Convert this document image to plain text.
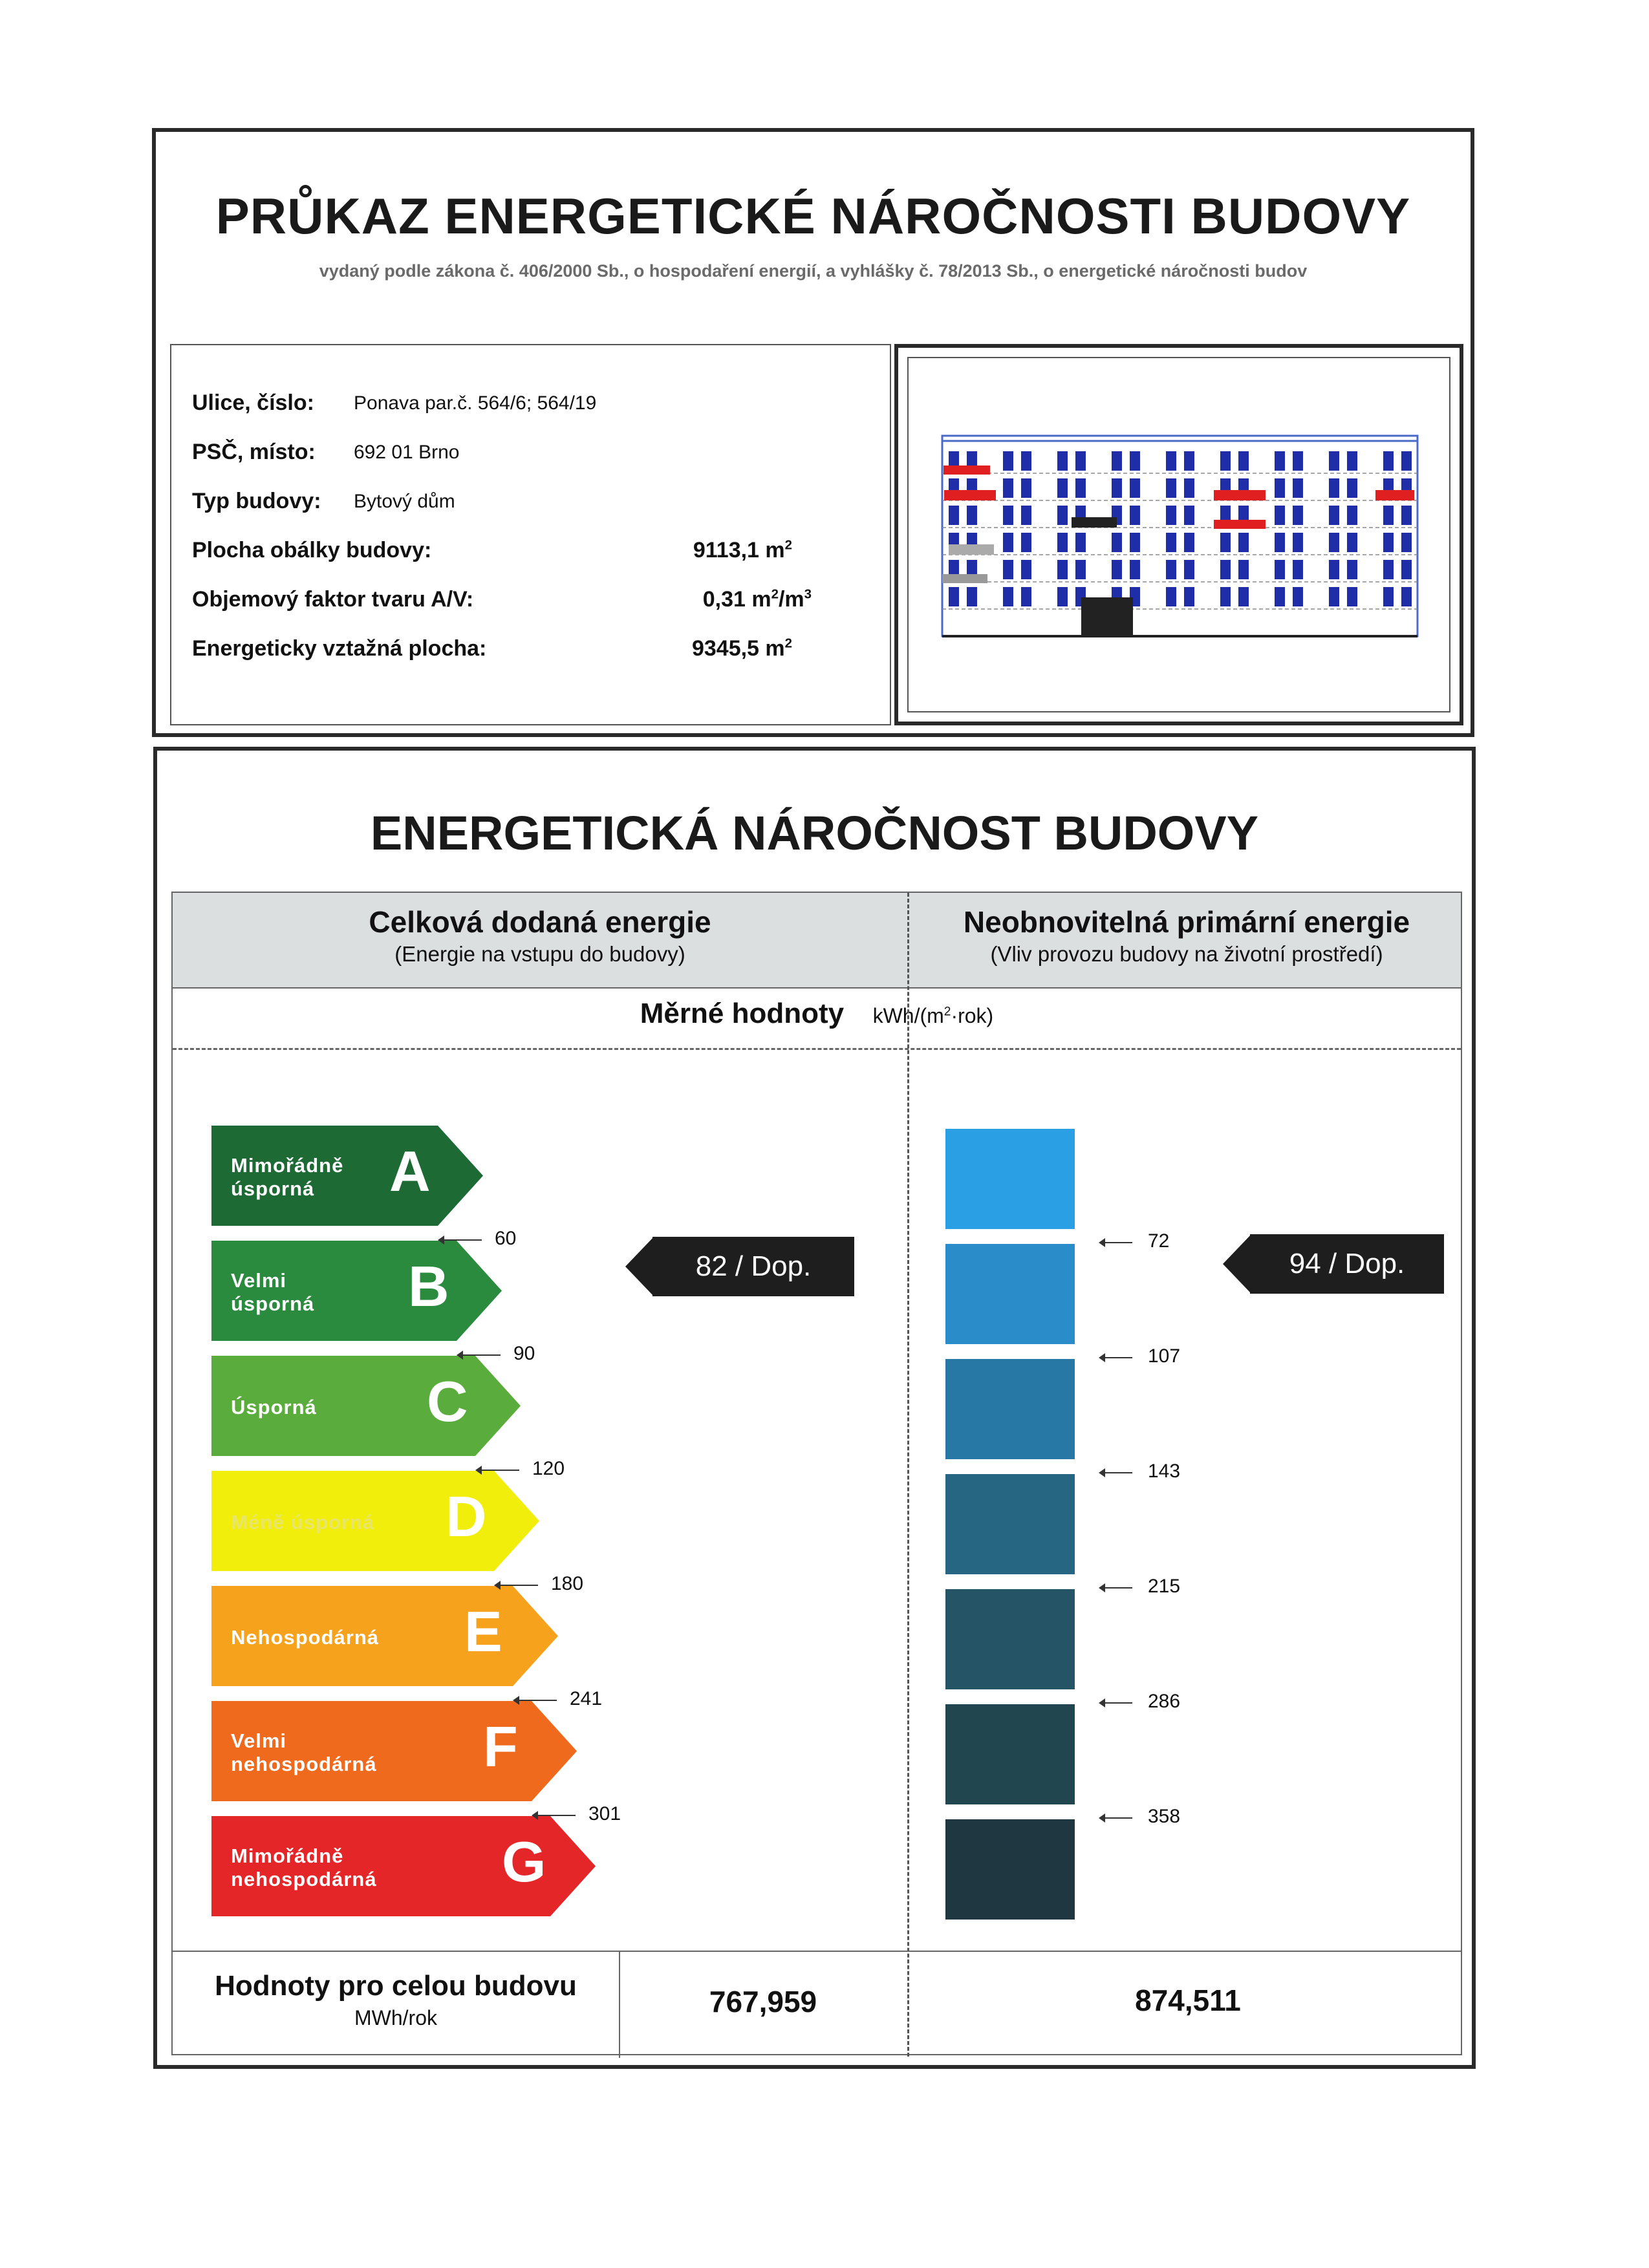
PRŮKAZ ENERGETICKÉ NÁROČNOSTI BUDOVY
vydaný podle zákona č. 406/2000 Sb., o hospodaření energií, a vyhlášky č. 78/2013 Sb., o energetické náročnosti budov
Ulice, číslo: Ponava par.č. 564/6; 564/19
PSČ, místo: 692 01 Brno
Typ budovy: Bytový dům
Plocha obálky budovy:	9113,1 $m^2$
Objemový faktor tvaru A/V:	0,31 $m^2/m^3$
Energeticky vztažná plocha:	9345,5 $m^2$
ENERGETICKÁ NÁROČNOST BUDOVY
Celková dodaná energie
(Energie na vstupu do budovy)
Neobnovitelná primární energie
(Vliv provozu budovy na životní prostředí)
Měrné hodnoty kWh/$(m^2\cdot rok)$
Mimořádně
úsporná	A
Velmi
úsporná B
Úsporná C
Méně úsporná D
Nehospodárná E
Velmi
nehospodárná F
Mimořádně
nehospodárná G
60
90
120
180
241
301
82 / Dop.
72
107
143
215
286
358
94 / Dop.
Hodnoty pro celou budovu
MWh/rok	767,959	874,511
